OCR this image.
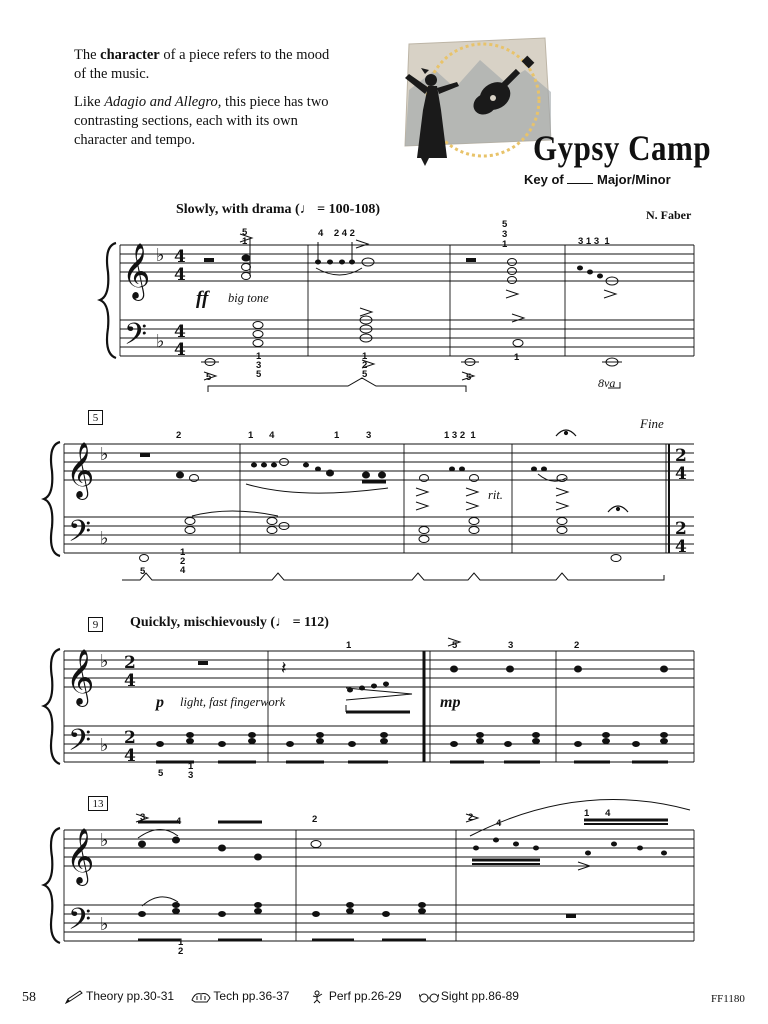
The character of a piece refers to the mood of the music.

Like Adagio and Allegro, this piece has two contrasting sections, each with its own character and tempo.	Gypsy Camp
Key of	Major/Minor
Slowly, with drama (♩ = 100-108)	N. Faber
𝄞
𝄢
𝄞
𝄢
𝄞
𝄢
𝄞
𝄢
♭
♭
♭
♭
♭
♭
♭
♭
4
4
4
4
2
4
2
4
2
4
2
4
𝄽
ff big tone
8va
5
1
4    2 4 2
5
3
1	3 1 3  1
5
1
3
5
1
2
5	5
1
5	Fine
rit.
2	1      4	1	3	1 3 2  1
5
1
2
4
9	Quickly, mischievously (♩ = 112)
p light, fast fingerwork	mp
1	5	3	2
5
1
3
13
3	4	2	2
4
1      4
1
2
58	Theory pp.30-31	Tech pp.36-37	Perf pp.26-29	Sight pp.86-89	FF1180
